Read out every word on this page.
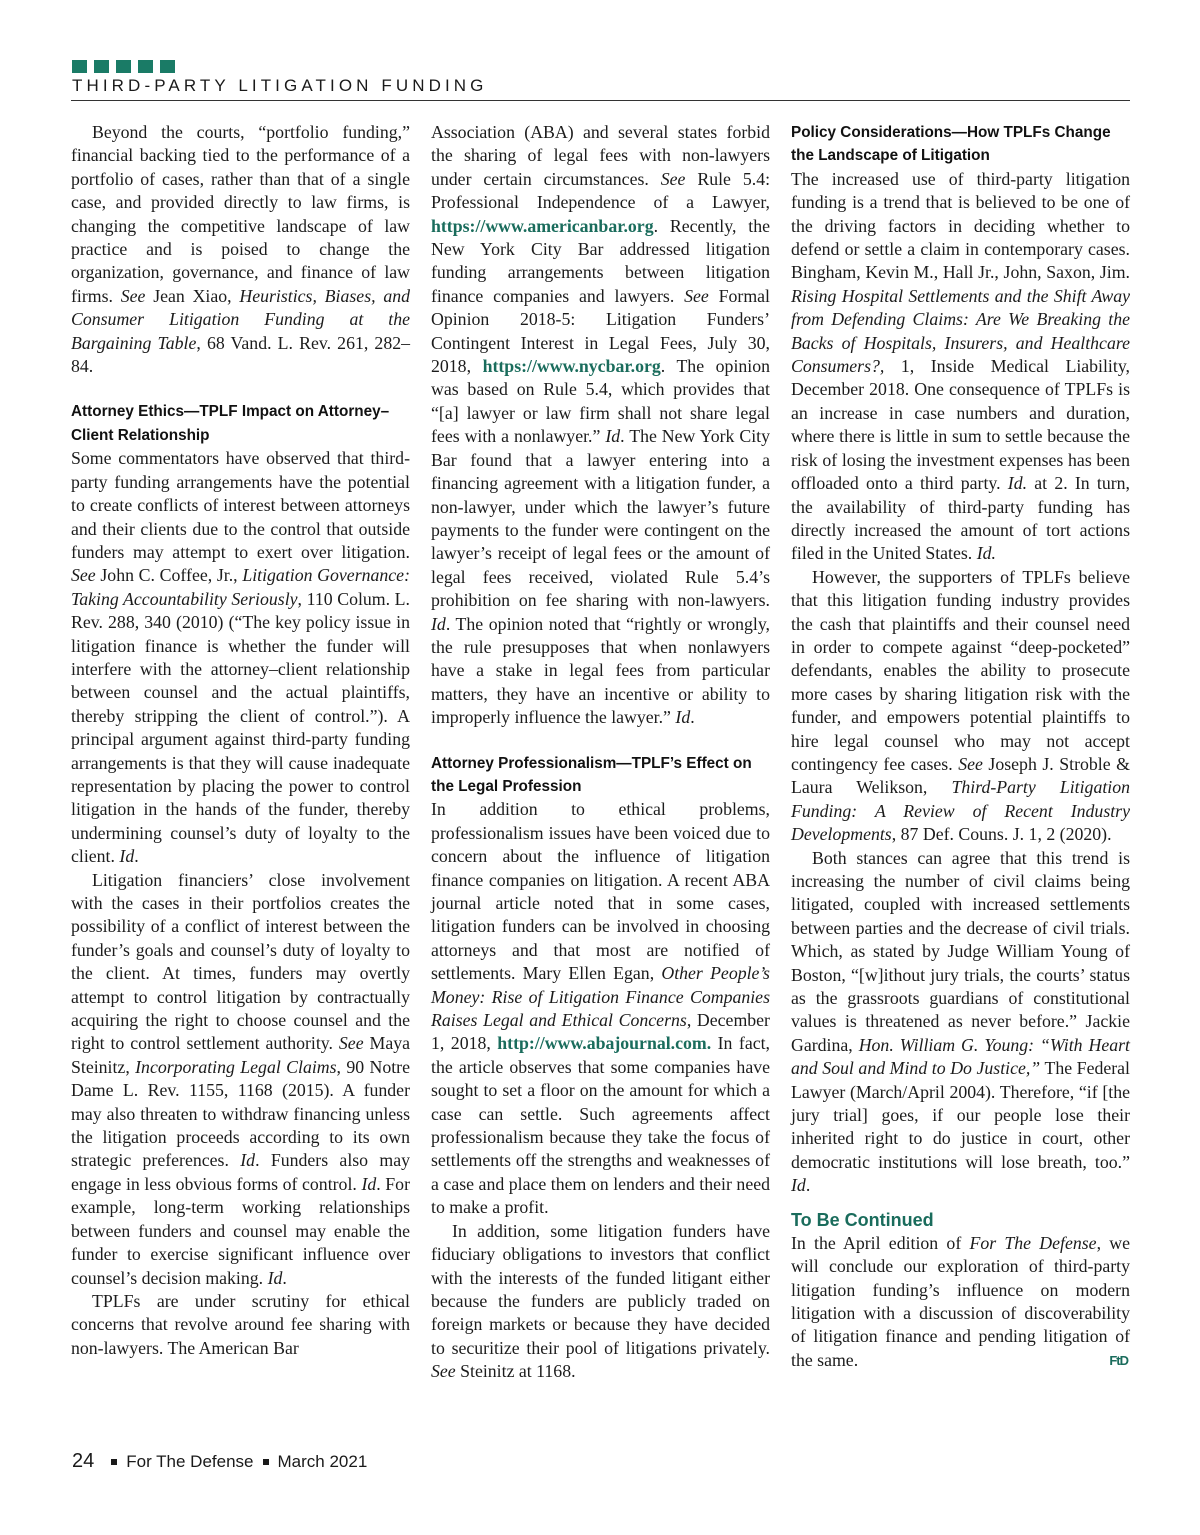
THIRD-PARTY LITIGATION FUNDING

Beyond the courts, “portfolio funding,” financial backing tied to the performance of a portfolio of cases, rather than that of a single case, and provided directly to law firms, is changing the competitive landscape of law practice and is poised to change the organization, governance, and finance of law firms. See Jean Xiao, Heuristics, Biases, and Consumer Litigation Funding at the Bargaining Table, 68 Vand. L. Rev. 261, 282–84.

Attorney Ethics—TPLF Impact on Attorney–Client Relationship

Some commentators have observed that third-party funding arrangements have the potential to create conflicts of interest between attorneys and their clients due to the control that outside funders may attempt to exert over litigation. See John C. Coffee, Jr., Litigation Governance: Taking Accountability Seriously, 110 Colum. L. Rev. 288, 340 (2010) (“The key policy issue in litigation finance is whether the funder will interfere with the attorney–client relationship between counsel and the actual plaintiffs, thereby stripping the client of control.”). A principal argument against third-party funding arrangements is that they will cause inadequate representation by placing the power to control litigation in the hands of the funder, thereby undermining counsel’s duty of loyalty to the client. Id.

Litigation financiers’ close involvement with the cases in their portfolios creates the possibility of a conflict of interest between the funder’s goals and counsel’s duty of loyalty to the client. At times, funders may overtly attempt to control litigation by contractually acquiring the right to choose counsel and the right to control settlement authority. See Maya Steinitz, Incorporating Legal Claims, 90 Notre Dame L. Rev. 1155, 1168 (2015). A funder may also threaten to withdraw financing unless the litigation proceeds according to its own strategic preferences. Id. Funders also may engage in less obvious forms of control. Id. For example, long-term working relationships between funders and counsel may enable the funder to exercise significant influence over counsel’s decision making. Id.

TPLFs are under scrutiny for ethical concerns that revolve around fee sharing with non-lawyers. The American Bar

Association (ABA) and several states forbid the sharing of legal fees with non-lawyers under certain circumstances. See Rule 5.4: Professional Independence of a Lawyer, https://www.americanbar.org. Recently, the New York City Bar addressed litigation funding arrangements between litigation finance companies and lawyers. See Formal Opinion 2018-5: Litigation Funders’ Contingent Interest in Legal Fees, July 30, 2018, https://www.nycbar.org. The opinion was based on Rule 5.4, which provides that “[a] lawyer or law firm shall not share legal fees with a nonlawyer.” Id. The New York City Bar found that a lawyer entering into a financing agreement with a litigation funder, a non-lawyer, under which the lawyer’s future payments to the funder were contingent on the lawyer’s receipt of legal fees or the amount of legal fees received, violated Rule 5.4’s prohibition on fee sharing with non-lawyers. Id. The opinion noted that “rightly or wrongly, the rule presupposes that when nonlawyers have a stake in legal fees from particular matters, they have an incentive or ability to improperly influence the lawyer.” Id.

Attorney Professionalism—TPLF’s Effect on the Legal Profession

In addition to ethical problems, professionalism issues have been voiced due to concern about the influence of litigation finance companies on litigation. A recent ABA journal article noted that in some cases, litigation funders can be involved in choosing attorneys and that most are notified of settlements. Mary Ellen Egan, Other People’s Money: Rise of Litigation Finance Companies Raises Legal and Ethical Concerns, December 1, 2018, http://www.abajournal.com. In fact, the article observes that some companies have sought to set a floor on the amount for which a case can settle. Such agreements affect professionalism because they take the focus of settlements off the strengths and weaknesses of a case and place them on lenders and their need to make a profit.

In addition, some litigation funders have fiduciary obligations to investors that conflict with the interests of the funded litigant either because the funders are publicly traded on foreign markets or because they have decided to securitize their pool of litigations privately. See Steinitz at 1168.

Policy Considerations—How TPLFs Change the Landscape of Litigation

The increased use of third-party litigation funding is a trend that is believed to be one of the driving factors in deciding whether to defend or settle a claim in contemporary cases. Bingham, Kevin M., Hall Jr., John, Saxon, Jim. Rising Hospital Settlements and the Shift Away from Defending Claims: Are We Breaking the Backs of Hospitals, Insurers, and Healthcare Consumers?, 1, Inside Medical Liability, December 2018. One consequence of TPLFs is an increase in case numbers and duration, where there is little in sum to settle because the risk of losing the investment expenses has been offloaded onto a third party. Id. at 2. In turn, the availability of third-party funding has directly increased the amount of tort actions filed in the United States. Id.

However, the supporters of TPLFs believe that this litigation funding industry provides the cash that plaintiffs and their counsel need in order to compete against “deep-pocketed” defendants, enables the ability to prosecute more cases by sharing litigation risk with the funder, and empowers potential plaintiffs to hire legal counsel who may not accept contingency fee cases. See Joseph J. Stroble & Laura Welikson, Third-Party Litigation Funding: A Review of Recent Industry Developments, 87 Def. Couns. J. 1, 2 (2020).

Both stances can agree that this trend is increasing the number of civil claims being litigated, coupled with increased settlements between parties and the decrease of civil trials. Which, as stated by Judge William Young of Boston, “[w]ithout jury trials, the courts’ status as the grassroots guardians of constitutional values is threatened as never before.” Jackie Gardina, Hon. William G. Young: “With Heart and Soul and Mind to Do Justice,” The Federal Lawyer (March/April 2004). Therefore, “if [the jury trial] goes, if our people lose their inherited right to do justice in court, other democratic institutions will lose breath, too.” Id.

To Be Continued

In the April edition of For The Defense, we will conclude our exploration of third-party litigation funding’s influence on modern litigation with a discussion of discoverability of litigation finance and pending litigation of the same.	FtD

24 For The Defense March 2021
